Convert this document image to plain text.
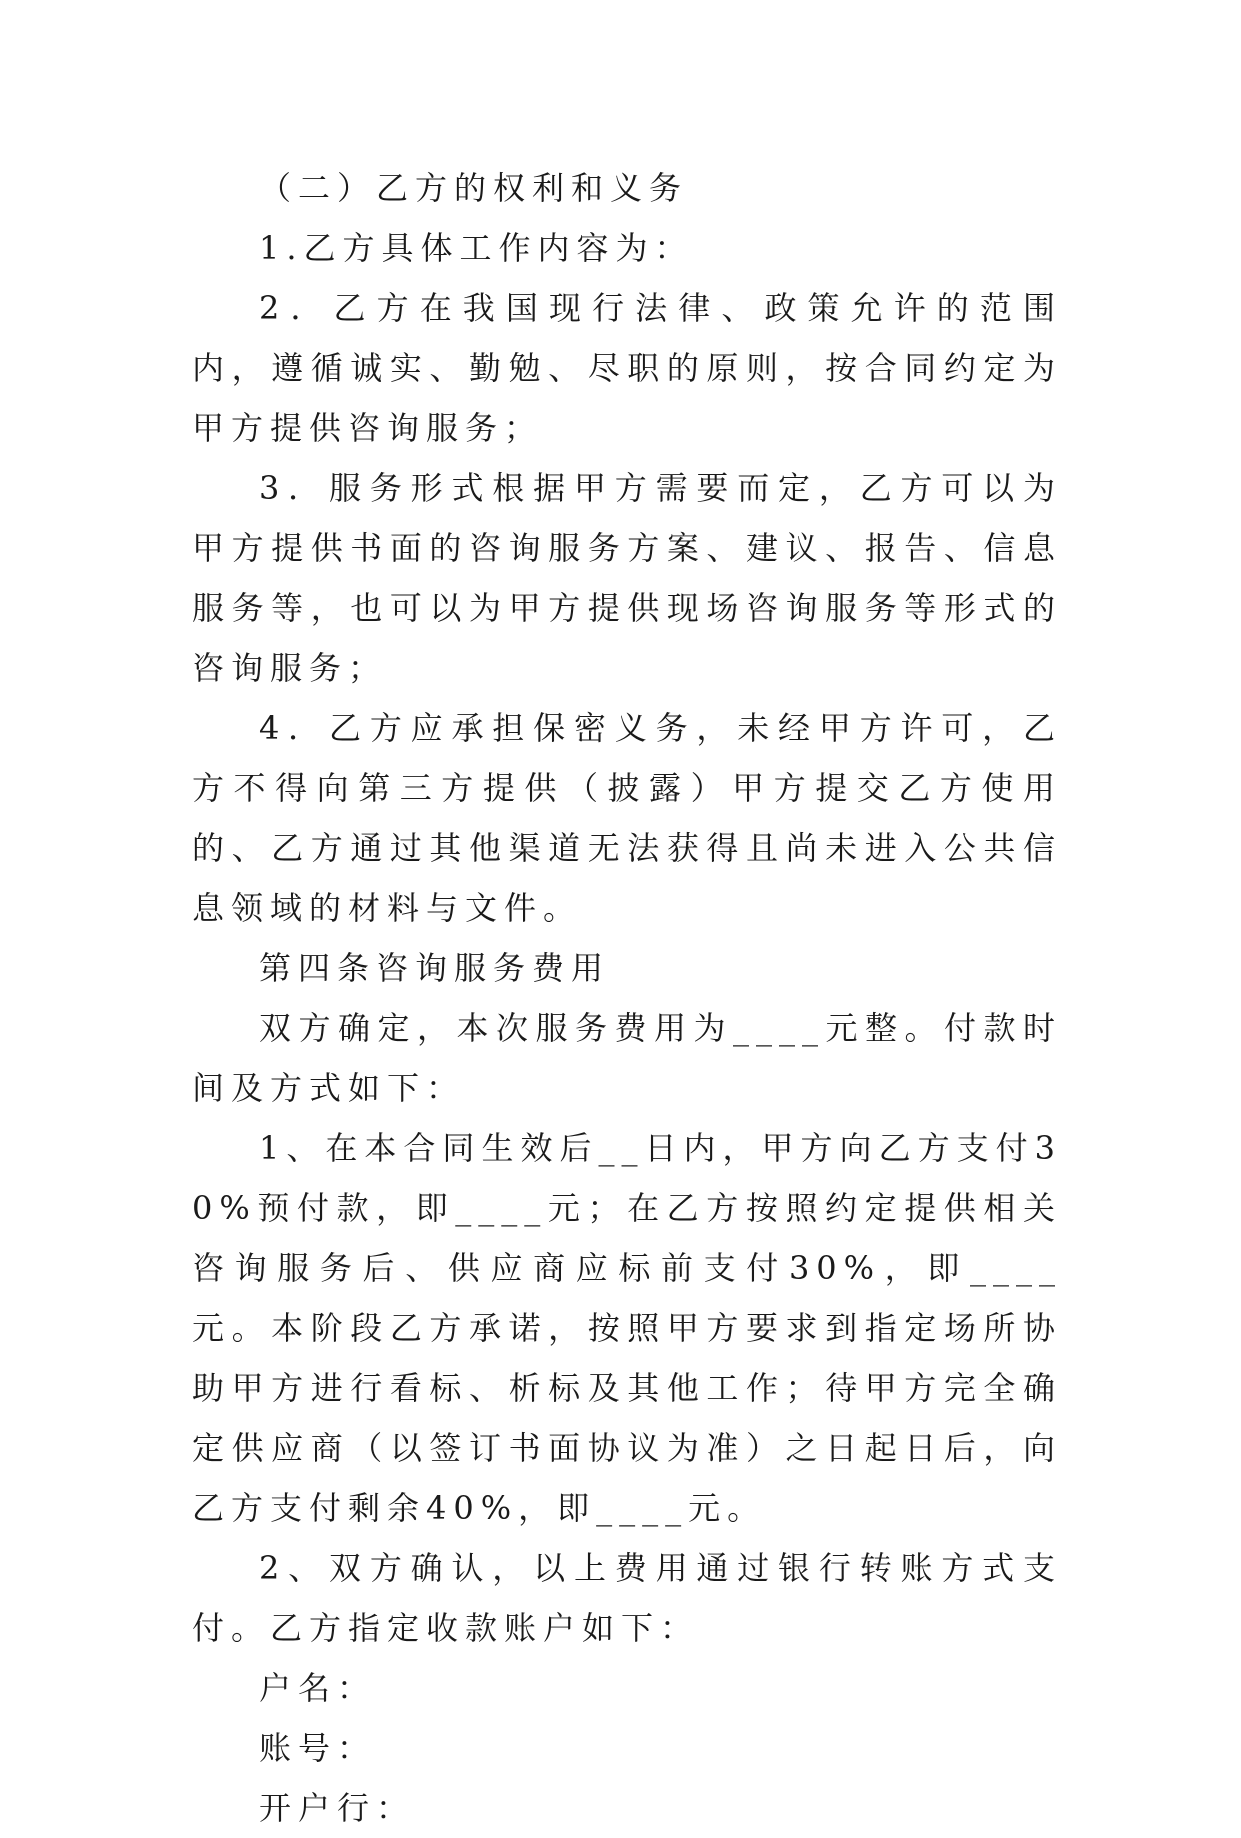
（二）乙方的权利和义务

1.乙方具体工作内容为：

2．乙方在我国现行法律、政策允许的范围内，遵循诚实、勤勉、尽职的原则，按合同约定为甲方提供咨询服务；

3．服务形式根据甲方需要而定，乙方可以为甲方提供书面的咨询服务方案、建议、报告、信息服务等，也可以为甲方提供现场咨询服务等形式的咨询服务；

4．乙方应承担保密义务，未经甲方许可，乙方不得向第三方提供（披露）甲方提交乙方使用的、乙方通过其他渠道无法获得且尚未进入公共信息领域的材料与文件。

第四条咨询服务费用

双方确定，本次服务费用为____元整。付款时间及方式如下：

1、在本合同生效后__日内，甲方向乙方支付30%预付款，即____元；在乙方按照约定提供相关咨询服务后、供应商应标前支付30%，即____元。本阶段乙方承诺，按照甲方要求到指定场所协助甲方进行看标、析标及其他工作；待甲方完全确定供应商（以签订书面协议为准）之日起日后，向乙方支付剩余40%，即____元。

2、双方确认，以上费用通过银行转账方式支付。乙方指定收款账户如下：

户名：

账号：

开户行：
